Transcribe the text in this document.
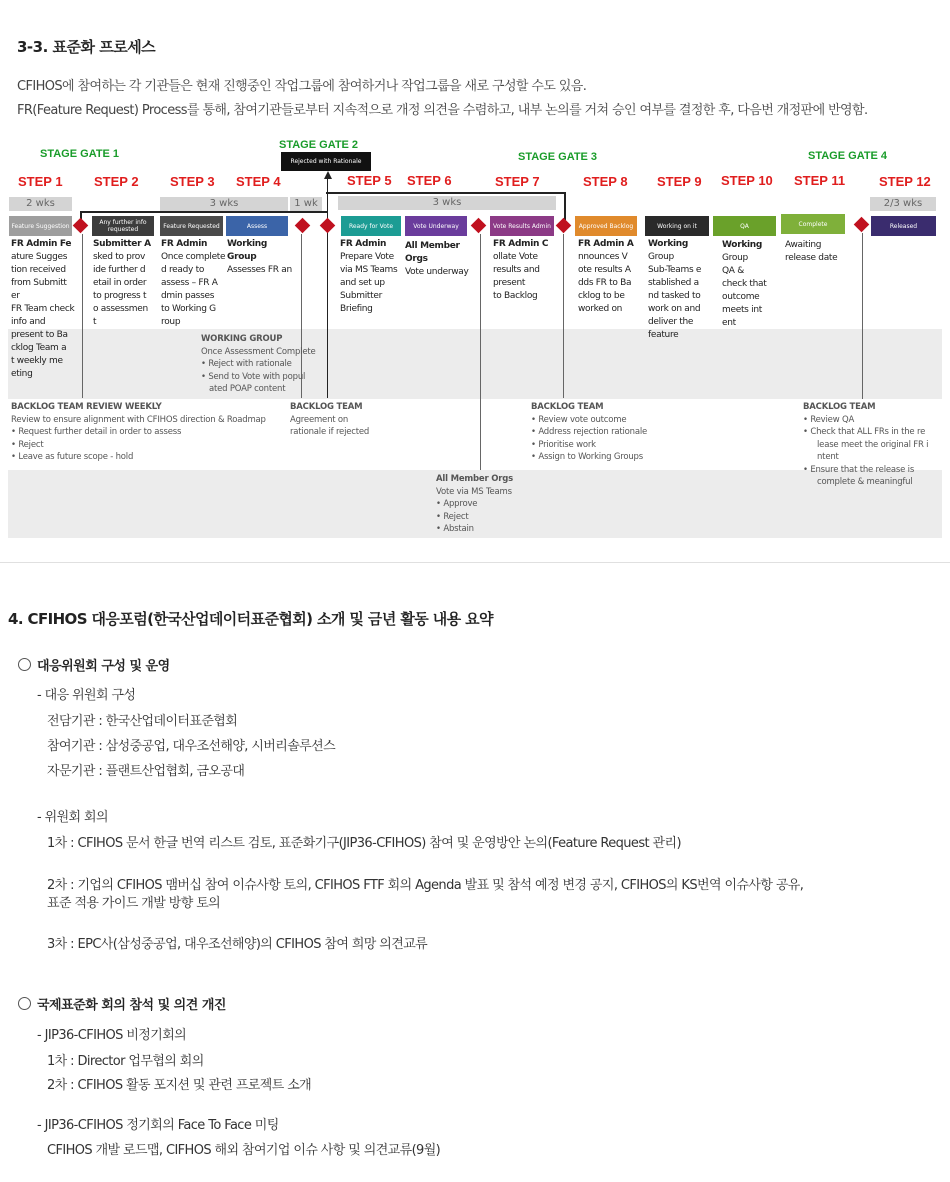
3-3. 표준화 프로세스
CFIHOS에 참여하는 각 기관들은 현재 진행중인 작업그룹에 참여하거나 작업그룹을 새로 구성할 수도 있음.
FR(Feature Request) Process를 통해, 참여기관들로부터 지속적으로 개정 의견을 수렴하고, 내부 논의를 거쳐 승인 여부를 결정한 후, 다음번 개정판에 반영함.
STAGE GATE 1
STAGE GATE 2
STAGE GATE 3	STAGE GATE 4
Rejected with Rationale
STEP 1 STEP 2 STEP 3 STEP 4	STEP 5 STEP 6	STEP 7	STEP 8 STEP 9 STEP 10 STEP 11	STEP 12
2 wks	3 wks	1 wk	3 wks	2/3 wks
Feature Suggestion	Any further info requested	Feature Requested	Assess	Ready for Vote	Vote Underway	Vote Results Admin	Approved Backlog	Working on it	QA	Complete	Released
FR Admin Fe
ature Sugges
tion received
from Submitt
er
FR Team check
info and
present to Ba
cklog Team a
t weekly me
eting
Submitter A
sked to prov
ide further d
etail in order
to progress t
o assessmen
t
FR Admin
Once complete
d ready to
assess – FR A
dmin passes
to Working G
roup
Working Group
Assesses FR an
FR Admin
Prepare Vote
via MS Teams
and set up
Submitter
Briefing
All Member Orgs
Vote underway
FR Admin C
ollate Vote
results and
present
to Backlog
FR Admin A
nnounces V
ote results A
dds FR to Ba
cklog to be
worked on
Working
Group
Sub-Teams e
stablished a
nd tasked to
work on and
deliver the
feature
Working
Group
QA &
check that
outcome
meets int
ent
Awaiting
release date
WORKING GROUP
Once Assessment Complete
• Reject with rationale
• Send to Vote with popul
ated POAP content
BACKLOG TEAM REVIEW WEEKLY
Review to ensure alignment with CFIHOS direction & Roadmap
• Request further detail in order to assess
• Reject
• Leave as future scope - hold
BACKLOG TEAM
Agreement on
rationale if rejected
BACKLOG TEAM
• Review vote outcome
• Address rejection rationale
• Prioritise work
• Assign to Working Groups
BACKLOG TEAM
• Review QA
• Check that ALL FRs in the re
lease meet the original FR i
ntent
• Ensure that the release is
complete & meaningful
All Member Orgs
Vote via MS Teams
• Approve
• Reject
• Abstain
4. CFIHOS 대응포럼(한국산업데이터표준협회) 소개 및 금년 활동 내용 요약
대응위원회 구성 및 운영
- 대응 위원회 구성
전담기관 : 한국산업데이터표준협회
참여기관 : 삼성중공업, 대우조선해양, 시버리솔루션스
자문기관 : 플랜트산업협회, 금오공대
- 위원회 회의
1차 : CFIHOS 문서 한글 번역 리스트 검토, 표준화기구(JIP36-CFIHOS) 참여 및 운영방안 논의(Feature Request 관리)
2차 : 기업의 CFIHOS 맴버십 참여 이슈사항 토의, CFIHOS FTF 회의 Agenda 발표 및 참석 예정 변경 공지, CFIHOS의 KS번역 이슈사항 공유,
표준 적용 가이드 개발 방향 토의
3차 : EPC사(삼성중공업, 대우조선해양)의 CFIHOS 참여 희망 의견교류
국제표준화 회의 참석 및 의견 개진
- JIP36-CFIHOS 비정기회의
1차 : Director 업무협의 회의
2차 : CFIHOS 활동 포지션 및 관련 프로젝트 소개
- JIP36-CFIHOS 정기회의 Face To Face 미팅
CFIHOS 개발 로드맵, CIFHOS 해외 참여기업 이슈 사항 및 의견교류(9월)
